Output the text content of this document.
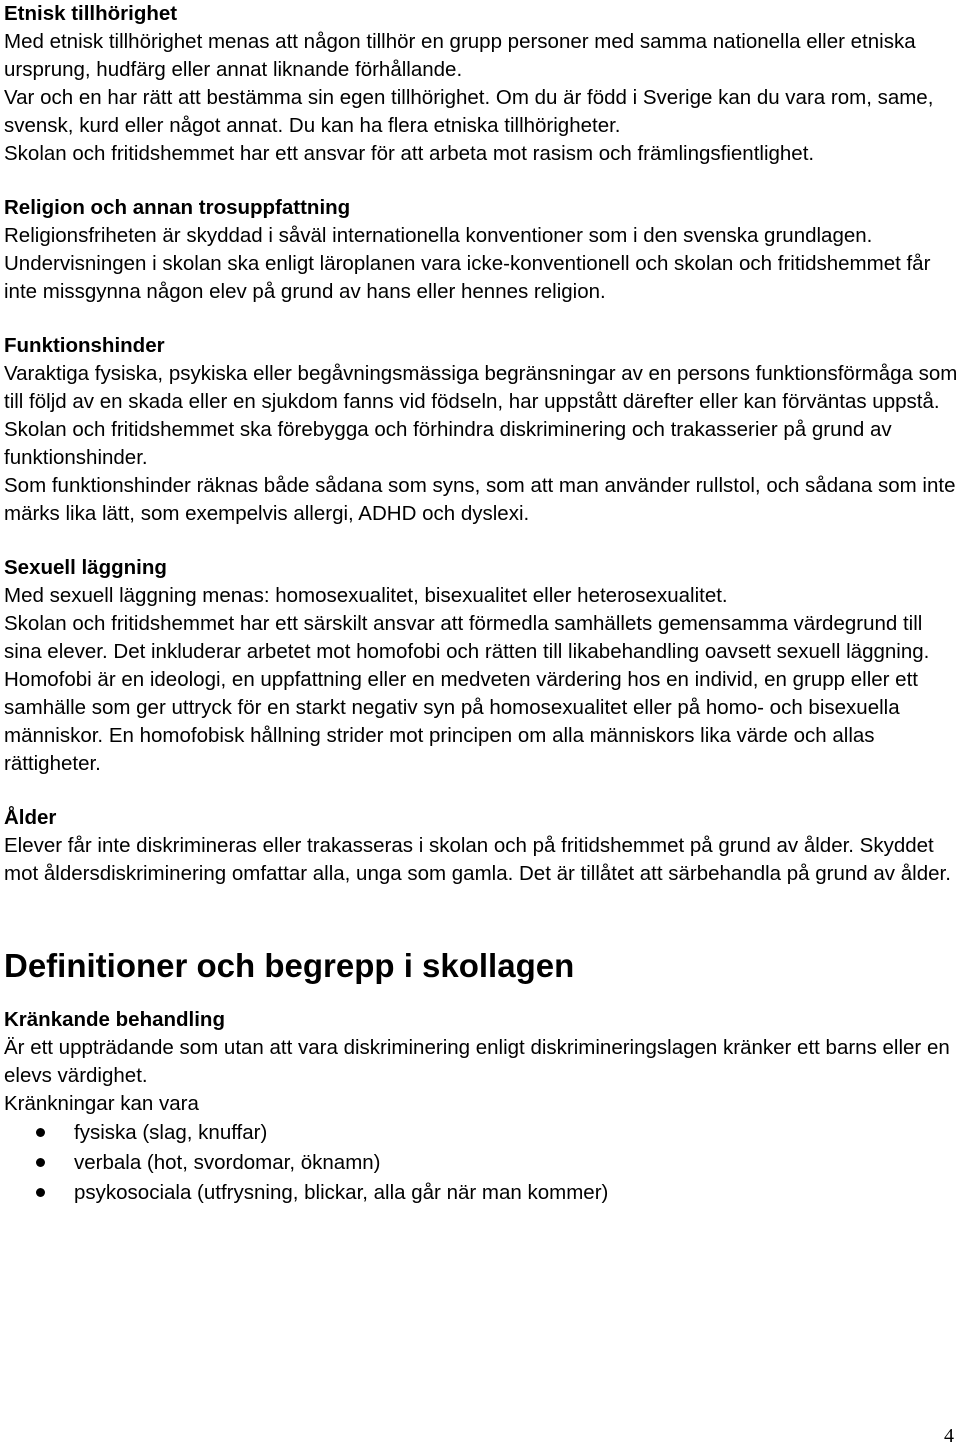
Etnisk tillhörighet
Med etnisk tillhörighet menas att någon tillhör en grupp personer med samma nationella eller etniska ursprung, hudfärg eller annat liknande förhållande.
Var och en har rätt att bestämma sin egen tillhörighet. Om du är född i Sverige kan du vara rom, same, svensk, kurd eller något annat. Du kan ha flera etniska tillhörigheter.
Skolan och fritidshemmet har ett ansvar för att arbeta mot rasism och främlingsfientlighet.
Religion och annan trosuppfattning
Religionsfriheten är skyddad i såväl internationella konventioner som i den svenska grundlagen. Undervisningen i skolan ska enligt läroplanen vara icke-konventionell och skolan och fritidshemmet får inte missgynna någon elev på grund av hans eller hennes religion.
Funktionshinder
Varaktiga fysiska, psykiska eller begåvningsmässiga begränsningar av en persons funktionsförmåga som till följd av en skada eller en sjukdom fanns vid födseln, har uppstått därefter eller kan förväntas uppstå.
Skolan och fritidshemmet ska förebygga och förhindra diskriminering och trakasserier på grund av funktionshinder.
Som funktionshinder räknas både sådana som syns, som att man använder rullstol, och sådana som inte märks lika lätt, som exempelvis allergi, ADHD och dyslexi.
Sexuell läggning
Med sexuell läggning menas: homosexualitet, bisexualitet eller heterosexualitet.
Skolan och fritidshemmet har ett särskilt ansvar att förmedla samhällets gemensamma värdegrund till sina elever. Det inkluderar arbetet mot homofobi och rätten till likabehandling oavsett sexuell läggning.
Homofobi är en ideologi, en uppfattning eller en medveten värdering hos en individ, en grupp eller ett samhälle som ger uttryck för en starkt negativ syn på homosexualitet eller på homo- och bisexuella människor. En homofobisk hållning strider mot principen om alla människors lika värde och allas rättigheter.
Ålder
Elever får inte diskrimineras eller trakasseras i skolan och på fritidshemmet på grund av ålder. Skyddet mot åldersdiskriminering omfattar alla, unga som gamla. Det är tillåtet att särbehandla på grund av ålder.
Definitioner och begrepp i skollagen
Kränkande behandling
Är ett uppträdande som utan att vara diskriminering enligt diskrimineringslagen kränker ett barns eller en elevs värdighet.
Kränkningar kan vara
fysiska (slag, knuffar)
verbala (hot, svordomar, öknamn)
psykosociala (utfrysning, blickar, alla går när man kommer)
4
